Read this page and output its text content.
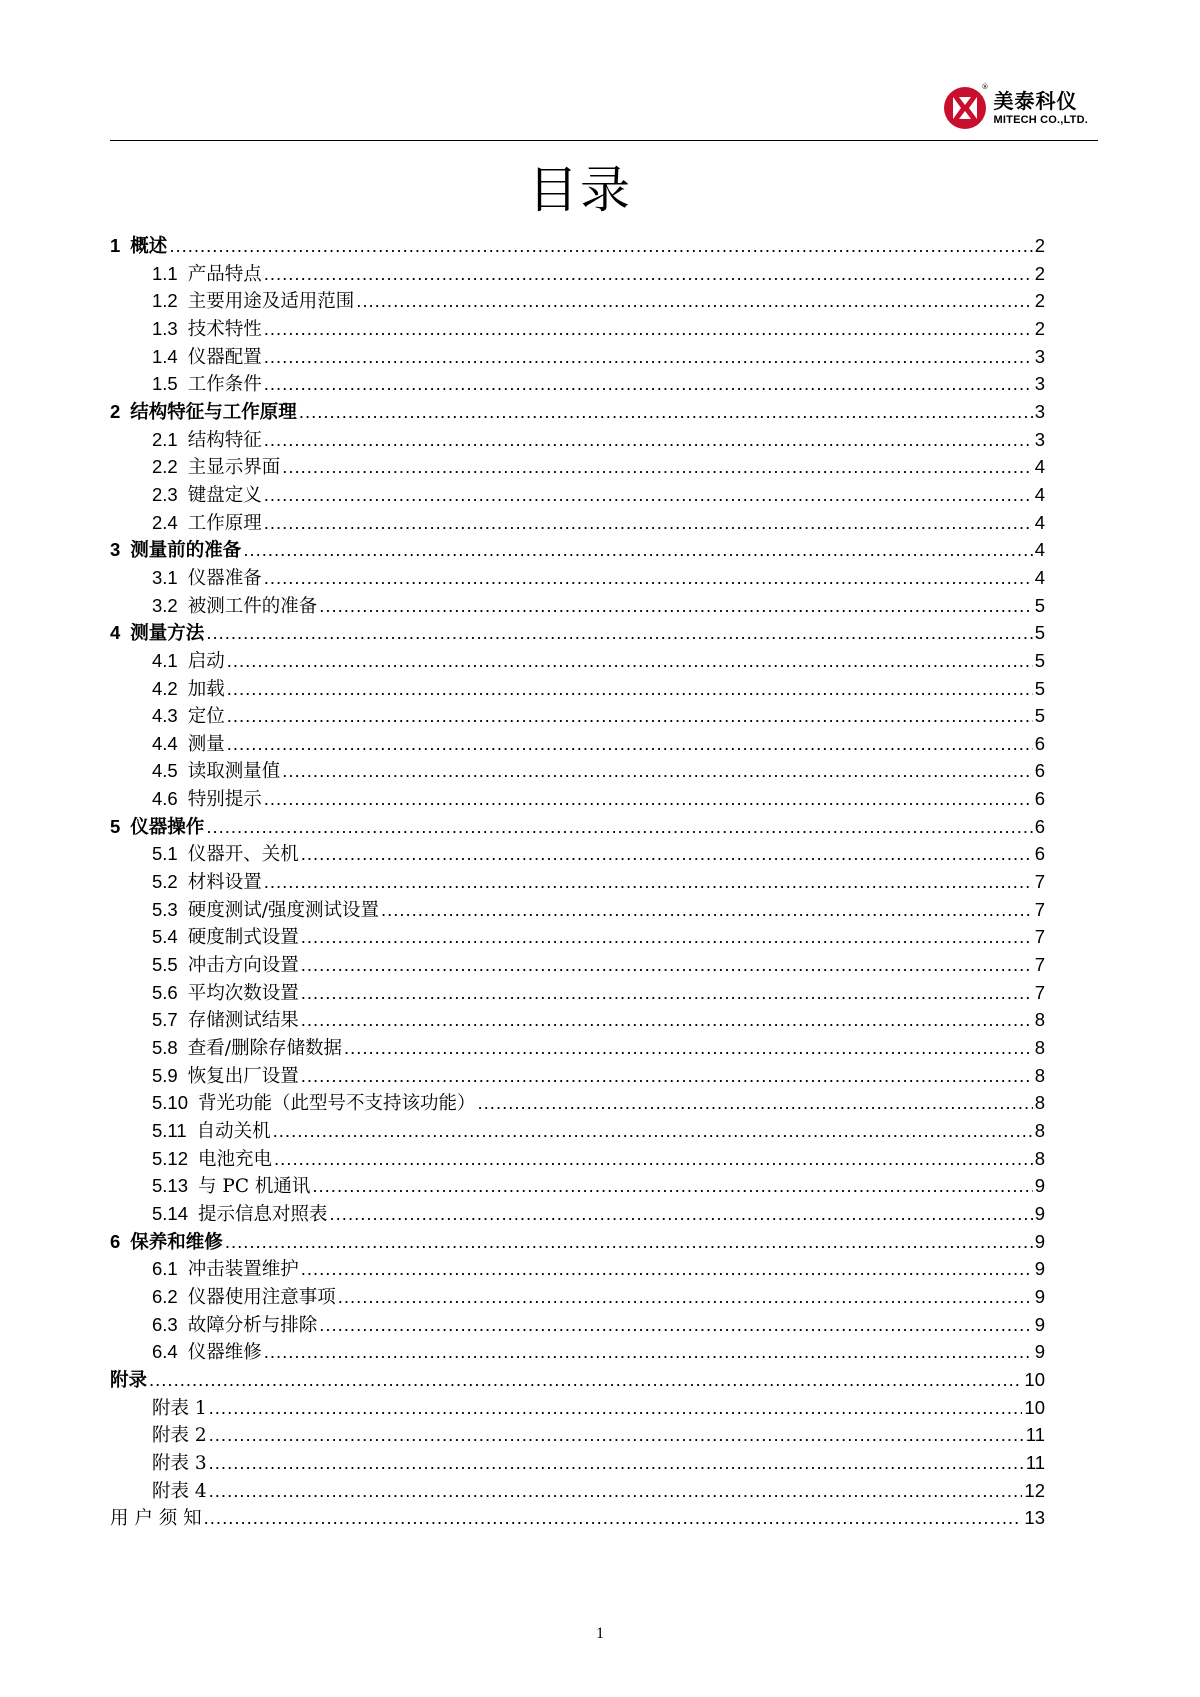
®
美泰科仪
MITECH CO.,LTD.
目录
1 概述 .....	2
1.1 产品特点 .....	2
1.2 主要用途及适用范围 .....	2
1.3 技术特性 .....	2
1.4 仪器配置 .....	3
1.5 工作条件 .....	3
2 结构特征与工作原理 .....	3
2.1 结构特征 .....	3
2.2 主显示界面 .....	4
2.3 键盘定义 .....	4
2.4 工作原理 .....	4
3 测量前的准备 .....	4
3.1 仪器准备 .....	4
3.2 被测工件的准备 .....	5
4 测量方法 .....	5
4.1 启动 .....	5
4.2 加载 .....	5
4.3 定位 .....	5
4.4 测量 .....	6
4.5 读取测量值 .....	6
4.6 特别提示 .....	6
5 仪器操作 .....	6
5.1 仪器开、关机 .....	6
5.2 材料设置 .....	7
5.3 硬度测试/强度测试设置 .....	7
5.4 硬度制式设置 .....	7
5.5 冲击方向设置 .....	7
5.6 平均次数设置 .....	7
5.7 存储测试结果 .....	8
5.8 查看/删除存储数据 .....	8
5.9 恢复出厂设置 .....	8
5.10 背光功能（此型号不支持该功能） .....	8
5.11 自动关机 .....	8
5.12 电池充电 .....	8
5.13 与 PC 机通讯 .....	9
5.14 提示信息对照表 .....	9
6 保养和维修 .....	9
6.1 冲击装置维护 .....	9
6.2 仪器使用注意事项 .....	9
6.3 故障分析与排除 .....	9
6.4 仪器维修 .....	9
附录 .....	10
附表 1 .....	10
附表 2 .....	11
附表 3 .....	11
附表 4 .....	12
用 户 须 知 .....	13
1
